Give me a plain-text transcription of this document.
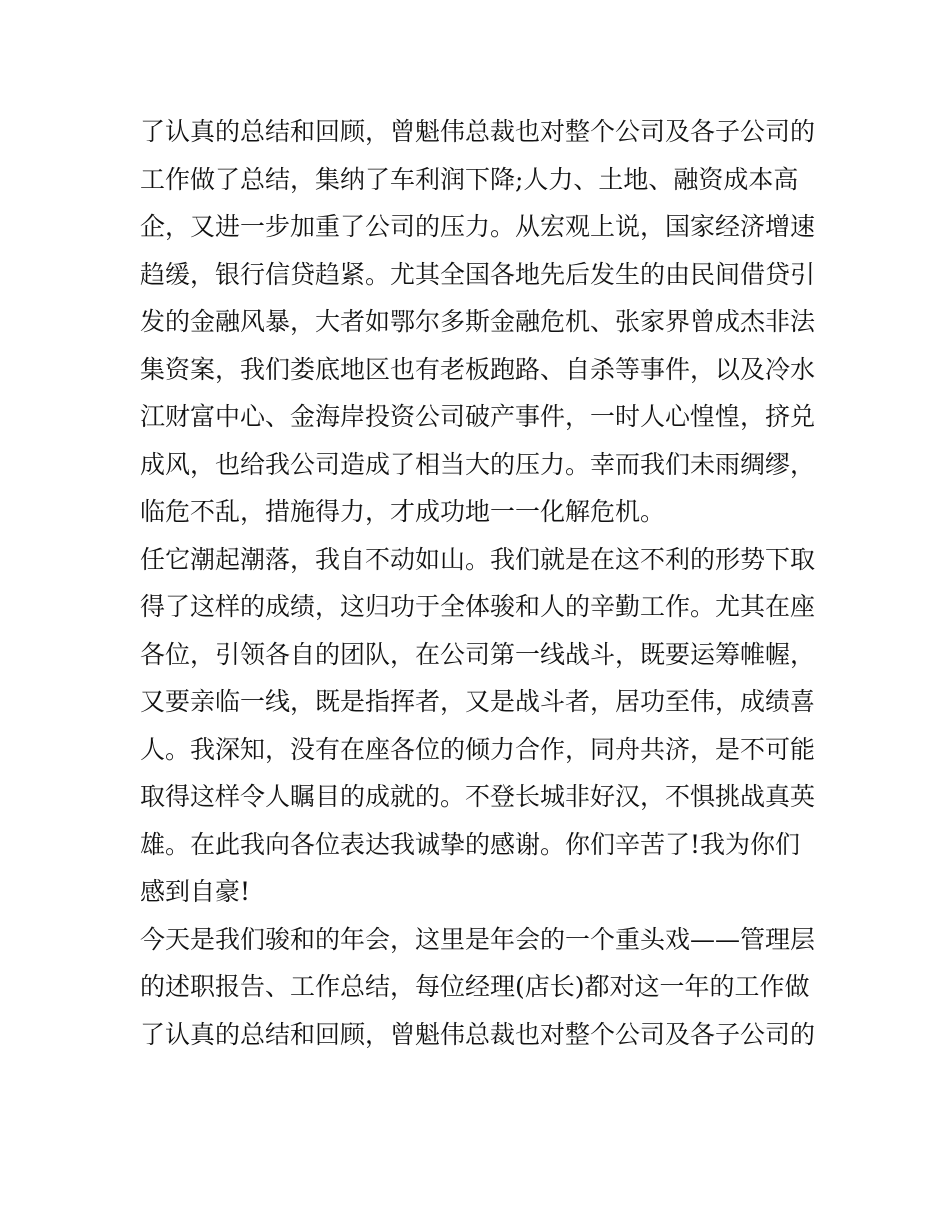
了认真的总结和回顾，曾魁伟总裁也对整个公司及各子公司的
工作做了总结，集纳了车利润下降;人力、土地、融资成本高
企，又进一步加重了公司的压力。从宏观上说，国家经济增速
趋缓，银行信贷趋紧。尤其全国各地先后发生的由民间借贷引
发的金融风暴，大者如鄂尔多斯金融危机、张家界曾成杰非法
集资案，我们娄底地区也有老板跑路、自杀等事件，以及冷水
江财富中心、金海岸投资公司破产事件，一时人心惶惶，挤兑
成风，也给我公司造成了相当大的压力。幸而我们未雨绸缪，
临危不乱，措施得力，才成功地一一化解危机。
任它潮起潮落，我自不动如山。我们就是在这不利的形势下取
得了这样的成绩，这归功于全体骏和人的辛勤工作。尤其在座
各位，引领各自的团队，在公司第一线战斗，既要运筹帷幄，
又要亲临一线，既是指挥者，又是战斗者，居功至伟，成绩喜
人。我深知，没有在座各位的倾力合作，同舟共济，是不可能
取得这样令人瞩目的成就的。不登长城非好汉，不惧挑战真英
雄。在此我向各位表达我诚挚的感谢。你们辛苦了!我为你们
感到自豪!
今天是我们骏和的年会，这里是年会的一个重头戏——管理层
的述职报告、工作总结，每位经理(店长)都对这一年的工作做
了认真的总结和回顾，曾魁伟总裁也对整个公司及各子公司的
